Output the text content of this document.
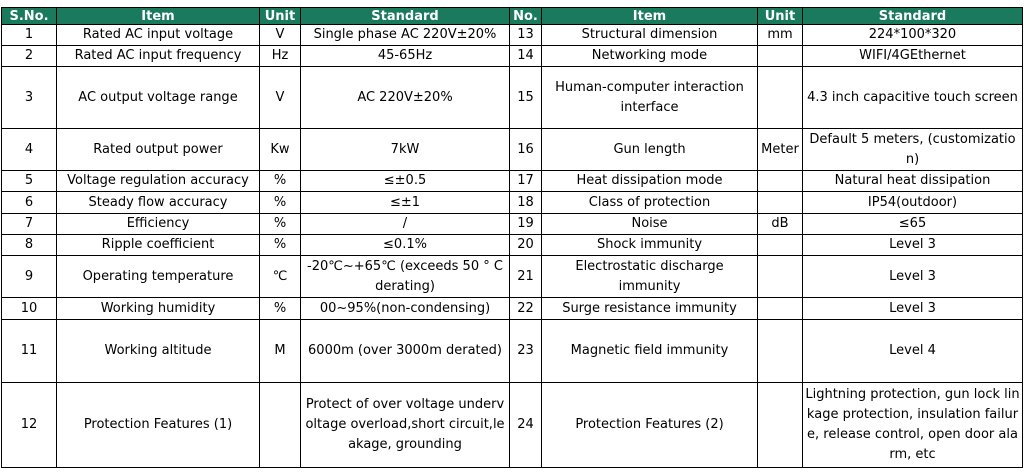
S.No.	Item	Unit	Standard	No.	Item	Unit	Standard
1	Rated AC input voltage	V	Single phase AC 220V±20%	13	Structural dimension	mm	224*100*320
2	Rated AC input frequency	Hz	45-65Hz	14	Networking mode		WIFI/4GEthernet
3	AC output voltage range	V	AC 220V±20%	15	Human-computer interaction interface		4.3 inch capacitive touch screen
4	Rated output power	Kw	7kW	16	Gun length	Meter	Default 5 meters, (customization)
5	Voltage regulation accuracy	%	≤±0.5	17	Heat dissipation mode		Natural heat dissipation
6	Steady flow accuracy	%	≤±1	18	Class of protection		IP54(outdoor)
7	Efficiency	%	/	19	Noise	dB	≤65
8	Ripple coefficient	%	≤0.1%	20	Shock immunity		Level 3
9	Operating temperature	℃	-20℃~+65℃ (exceeds 50 ° C derating)	21	Electrostatic discharge immunity		Level 3
10	Working humidity	%	00~95%(non-condensing)	22	Surge resistance immunity		Level 3
11	Working altitude	M	6000m (over 3000m derated)	23	Magnetic field immunity		Level 4
12	Protection Features (1)		Protect of over voltage undervoltage overload,short circuit,leakage, grounding	24	Protection Features (2)		Lightning protection, gun lock linkage protection, insulation failure, release control, open door alarm, etc
